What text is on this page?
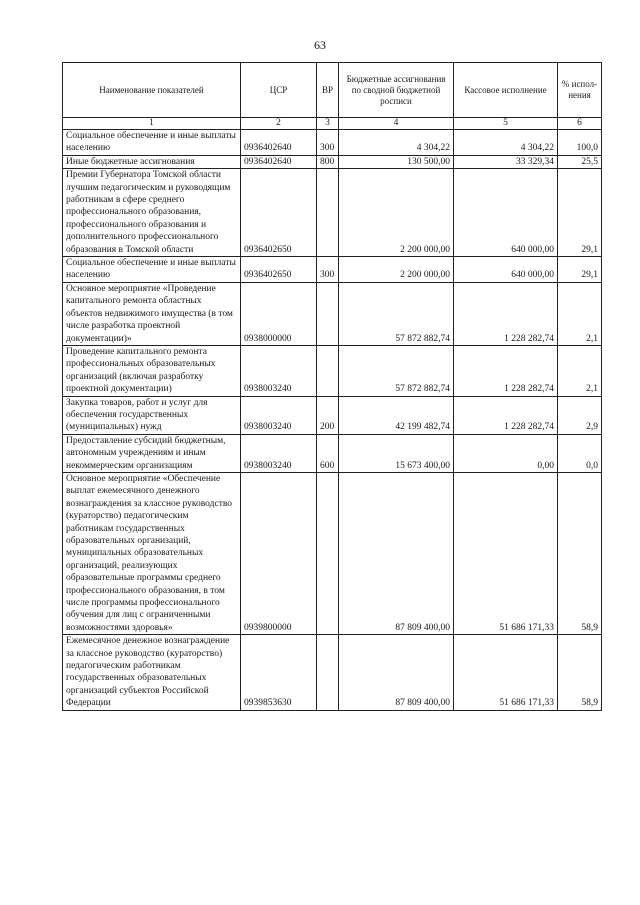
63
Наименование показателей	ЦСР	ВР	Бюджетные ассигнования по сводной бюджетной росписи	Кассовое исполнение	% испол-нения
1	2	3	4	5	6
Социальное обеспечение и иные выплаты населению	0936402640	300	4 304,22	4 304,22	100,0
Иные бюджетные ассигнования	0936402640	800	130 500,00	33 329,34	25,5
Премии Губернатора Томской области лучшим педагогическим и руководящим работникам в сфере среднего профессионального образования, профессионального образования и дополнительного профессионального образования в Томской области	0936402650		2 200 000,00	640 000,00	29,1
Социальное обеспечение и иные выплаты населению	0936402650	300	2 200 000,00	640 000,00	29,1
Основное мероприятие «Проведение капитального ремонта областных объектов недвижимого имущества (в том числе разработка проектной документации)»	0938000000		57 872 882,74	1 228 282,74	2,1
Проведение капитального ремонта профессиональных образовательных организаций (включая разработку проектной документации)	0938003240		57 872 882,74	1 228 282,74	2,1
Закупка товаров, работ и услуг для обеспечения государственных (муниципальных) нужд	0938003240	200	42 199 482,74	1 228 282,74	2,9
Предоставление субсидий бюджетным, автономным учреждениям и иным некоммерческим организациям	0938003240	600	15 673 400,00	0,00	0,0
Основное мероприятие «Обеспечение выплат ежемесячного денежного вознаграждения за классное руководство (кураторство) педагогическим работникам государственных образовательных организаций, муниципальных образовательных организаций, реализующих образовательные программы среднего профессионального образования, в том числе программы профессионального обучения для лиц с ограниченными возможностями здоровья»	0939800000		87 809 400,00	51 686 171,33	58,9
Ежемесячное денежное вознаграждение за классное руководство (кураторство) педагогическим работникам государственных образовательных организаций субъектов Российской Федерации	0939853630		87 809 400,00	51 686 171,33	58,9
